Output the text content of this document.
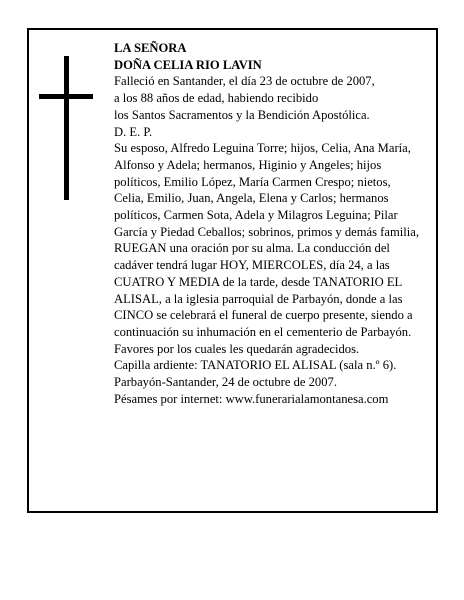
LA SEÑORA

DOÑA CELIA RIO LAVIN

Falleció en Santander, el día 23 de octubre de 2007,

a los 88 años de edad, habiendo recibido

los Santos Sacramentos y la Bendición Apostólica.

D. E. P.

Su esposo, Alfredo Leguina Torre; hijos, Celia, Ana María, Alfonso y Adela; hermanos, Higinio y Angeles; hijos políticos, Emilio López, María Carmen Crespo; nietos, Celia, Emilio, Juan, Angela, Elena y Carlos; hermanos políticos, Carmen Sota, Adela y Milagros Leguina; Pilar García y Piedad Ceballos; sobrinos, primos y demás familia,

RUEGAN una oración por su alma. La conducción del cadáver tendrá lugar HOY, MIERCOLES, día 24, a las CUATRO Y MEDIA de la tarde, desde TANATORIO EL ALISAL, a la iglesia parroquial de Parbayón, donde a las CINCO se celebrará el funeral de cuerpo presente, siendo a continuación su inhumación en el cementerio de Parbayón. Favores por los cuales les quedarán agradecidos.

Capilla ardiente: TANATORIO EL ALISAL (sala n.º 6).

Parbayón-Santander, 24 de octubre de 2007.

Pésames por internet: www.funerarialamontanesa.com
